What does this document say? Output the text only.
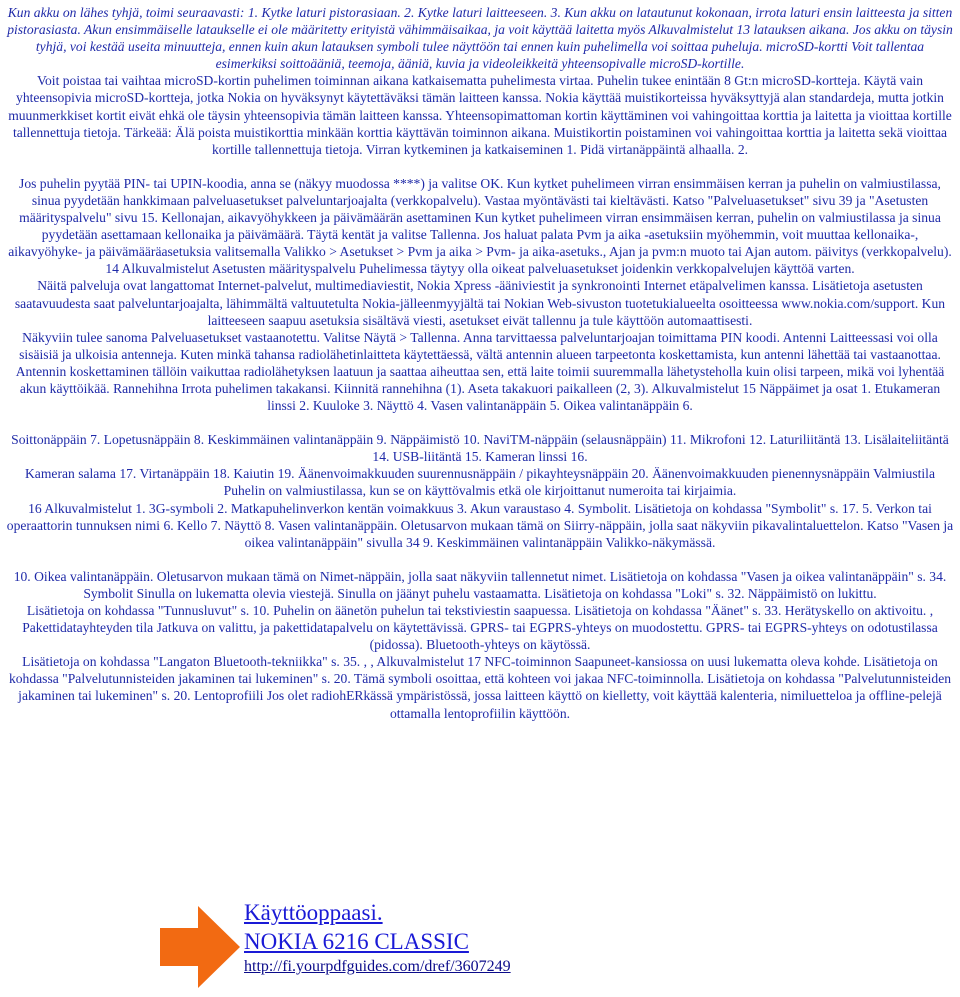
Kun akku on lähes tyhjä, toimi seuraavasti: 1. Kytke laturi pistorasiaan. 2. Kytke laturi laitteeseen. 3. Kun akku on latautunut kokonaan, irrota laturi ensin laitteesta ja sitten pistorasiasta. Akun ensimmäiselle lataukselle ei ole määritetty erityistä vähimmäisaikaa, ja voit käyttää laitetta myös Alkuvalmistelut 13 latauksen aikana. Jos akku on täysin tyhjä, voi kestää useita minuutteja, ennen kuin akun latauksen symboli tulee näyttöön tai ennen kuin puhelimella voi soittaa puheluja. microSD-kortti Voit tallentaa esimerkiksi soittoääniä, teemoja, ääniä, kuvia ja videoleikkeitä yhteensopivalle microSD-kortille.

Voit poistaa tai vaihtaa microSD-kortin puhelimen toiminnan aikana katkaisematta puhelimesta virtaa. Puhelin tukee enintään 8 Gt:n microSD-kortteja. Käytä vain yhteensopivia microSD-kortteja, jotka Nokia on hyväksynyt käytettäväksi tämän laitteen kanssa. Nokia käyttää muistikorteissa hyväksyttyjä alan standardeja, mutta jotkin muunmerkkiset kortit eivät ehkä ole täysin yhteensopivia tämän laitteen kanssa. Yhteensopimattoman kortin käyttäminen voi vahingoittaa korttia ja laitetta ja vioittaa kortille tallennettuja tietoja. Tärkeää: Älä poista muistikorttia minkään korttia käyttävän toiminnon aikana. Muistikortin poistaminen voi vahingoittaa korttia ja laitetta sekä vioittaa kortille tallennettuja tietoja. Virran kytkeminen ja katkaiseminen 1. Pidä virtanäppäintä alhaalla. 2.

Jos puhelin pyytää PIN- tai UPIN-koodia, anna se (näkyy muodossa ****) ja valitse OK. Kun kytket puhelimeen virran ensimmäisen kerran ja puhelin on valmiustilassa, sinua pyydetään hankkimaan palveluasetukset palveluntarjoajalta (verkkopalvelu). Vastaa myöntävästi tai kieltävästi. Katso "Palveluasetukset" sivu 39 ja "Asetusten määrityspalvelu" sivu 15. Kellonajan, aikavyöhykkeen ja päivämäärän asettaminen Kun kytket puhelimeen virran ensimmäisen kerran, puhelin on valmiustilassa ja sinua pyydetään asettamaan kellonaika ja päivämäärä. Täytä kentät ja valitse Tallenna. Jos haluat palata Pvm ja aika -asetuksiin myöhemmin, voit muuttaa kellonaika-, aikavyöhyke- ja päivämääräasetuksia valitsemalla Valikko > Asetukset > Pvm ja aika > Pvm- ja aika-asetuks., Ajan ja pvm:n muoto tai Ajan autom. päivitys (verkkopalvelu). 14 Alkuvalmistelut Asetusten määrityspalvelu Puhelimessa täytyy olla oikeat palveluasetukset joidenkin verkkopalvelujen käyttöä varten.

Näitä palveluja ovat langattomat Internet-palvelut, multimediaviestit, Nokia Xpress -ääniviestit ja synkronointi Internet etäpalvelimen kanssa. Lisätietoja asetusten saatavuudesta saat palveluntarjoajalta, lähimmältä valtuutetulta Nokia-jälleenmyyjältä tai Nokian Web-sivuston tuotetukialueelta osoitteessa www.nokia.com/support. Kun laitteeseen saapuu asetuksia sisältävä viesti, asetukset eivät tallennu ja tule käyttöön automaattisesti.

Näkyviin tulee sanoma Palveluasetukset vastaanotettu. Valitse Näytä > Tallenna. Anna tarvittaessa palveluntarjoajan toimittama PIN koodi. Antenni Laitteessasi voi olla sisäisiä ja ulkoisia antenneja. Kuten minkä tahansa radiolähetinlaitteta käytettäessä, vältä antennin alueen tarpeetonta koskettamista, kun antenni lähettää tai vastaanottaa.

Antennin koskettaminen tällöin vaikuttaa radiolähetyksen laatuun ja saattaa aiheuttaa sen, että laite toimii suuremmalla lähetysteholla kuin olisi tarpeen, mikä voi lyhentää akun käyttöikää. Rannehihna Irrota puhelimen takakansi. Kiinnitä rannehihna (1). Aseta takakuori paikalleen (2, 3). Alkuvalmistelut 15 Näppäimet ja osat 1. Etukameran linssi 2. Kuuloke 3. Näyttö 4. Vasen valintanäppäin 5. Oikea valintanäppäin 6.

Soittonäppäin 7. Lopetusnäppäin 8. Keskimmäinen valintanäppäin 9. Näppäimistö 10. NaviTM-näppäin (selausnäppäin) 11. Mikrofoni 12. Laturiliitäntä 13. Lisälaiteliitäntä 14. USB-liitäntä 15. Kameran linssi 16.

Kameran salama 17. Virtanäppäin 18. Kaiutin 19. Äänenvoimakkuuden suurennusnäppäin / pikayhteysnäppäin 20. Äänenvoimakkuuden pienennysnäppäin Valmiustila Puhelin on valmiustilassa, kun se on käyttövalmis etkä ole kirjoittanut numeroita tai kirjaimia.

16 Alkuvalmistelut 1. 3G-symboli 2. Matkapuhelinverkon kentän voimakkuus 3. Akun varaustaso 4. Symbolit. Lisätietoja on kohdassa "Symbolit" s. 17. 5. Verkon tai operaattorin tunnuksen nimi 6. Kello 7. Näyttö 8. Vasen valintanäppäin. Oletusarvon mukaan tämä on Siirry-näppäin, jolla saat näkyviin pikavalintaluettelon. Katso "Vasen ja oikea valintanäppäin" sivulla 34 9. Keskimmäinen valintanäppäin Valikko-näkymässä.

10. Oikea valintanäppäin. Oletusarvon mukaan tämä on Nimet-näppäin, jolla saat näkyviin tallennetut nimet. Lisätietoja on kohdassa "Vasen ja oikea valintanäppäin" s. 34. Symbolit Sinulla on lukematta olevia viestejä. Sinulla on jäänyt puhelu vastaamatta. Lisätietoja on kohdassa "Loki" s. 32. Näppäimistö on lukittu.

Lisätietoja on kohdassa "Tunnusluvut" s. 10. Puhelin on äänetön puhelun tai tekstiviestin saapuessa. Lisätietoja on kohdassa "Äänet" s. 33. Herätyskello on aktivoitu. , Pakettidatayhteyden tila Jatkuva on valittu, ja pakettidatapalvelu on käytettävissä. GPRS- tai EGPRS-yhteys on muodostettu. GPRS- tai EGPRS-yhteys on odotustilassa (pidossa). Bluetooth-yhteys on käytössä.

Lisätietoja on kohdassa "Langaton Bluetooth-tekniikka" s. 35. , , Alkuvalmistelut 17 NFC-toiminnon Saapuneet-kansiossa on uusi lukematta oleva kohde. Lisätietoja on kohdassa "Palvelutunnisteiden jakaminen tai lukeminen" s. 20. Tämä symboli osoittaa, että kohteen voi jakaa NFC-toiminnolla. Lisätietoja on kohdassa "Palvelutunnisteiden jakaminen tai lukeminen" s. 20. Lentoprofiili Jos olet radiohERkässä ympäristössä, jossa laitteen käyttö on kielletty, voit käyttää kalenteria, nimiluetteloa ja offline-pelejä ottamalla lentoprofiilin käyttöön.

Käyttöoppaasi.
NOKIA 6216 CLASSIC
http://fi.yourpdfguides.com/dref/3607249
